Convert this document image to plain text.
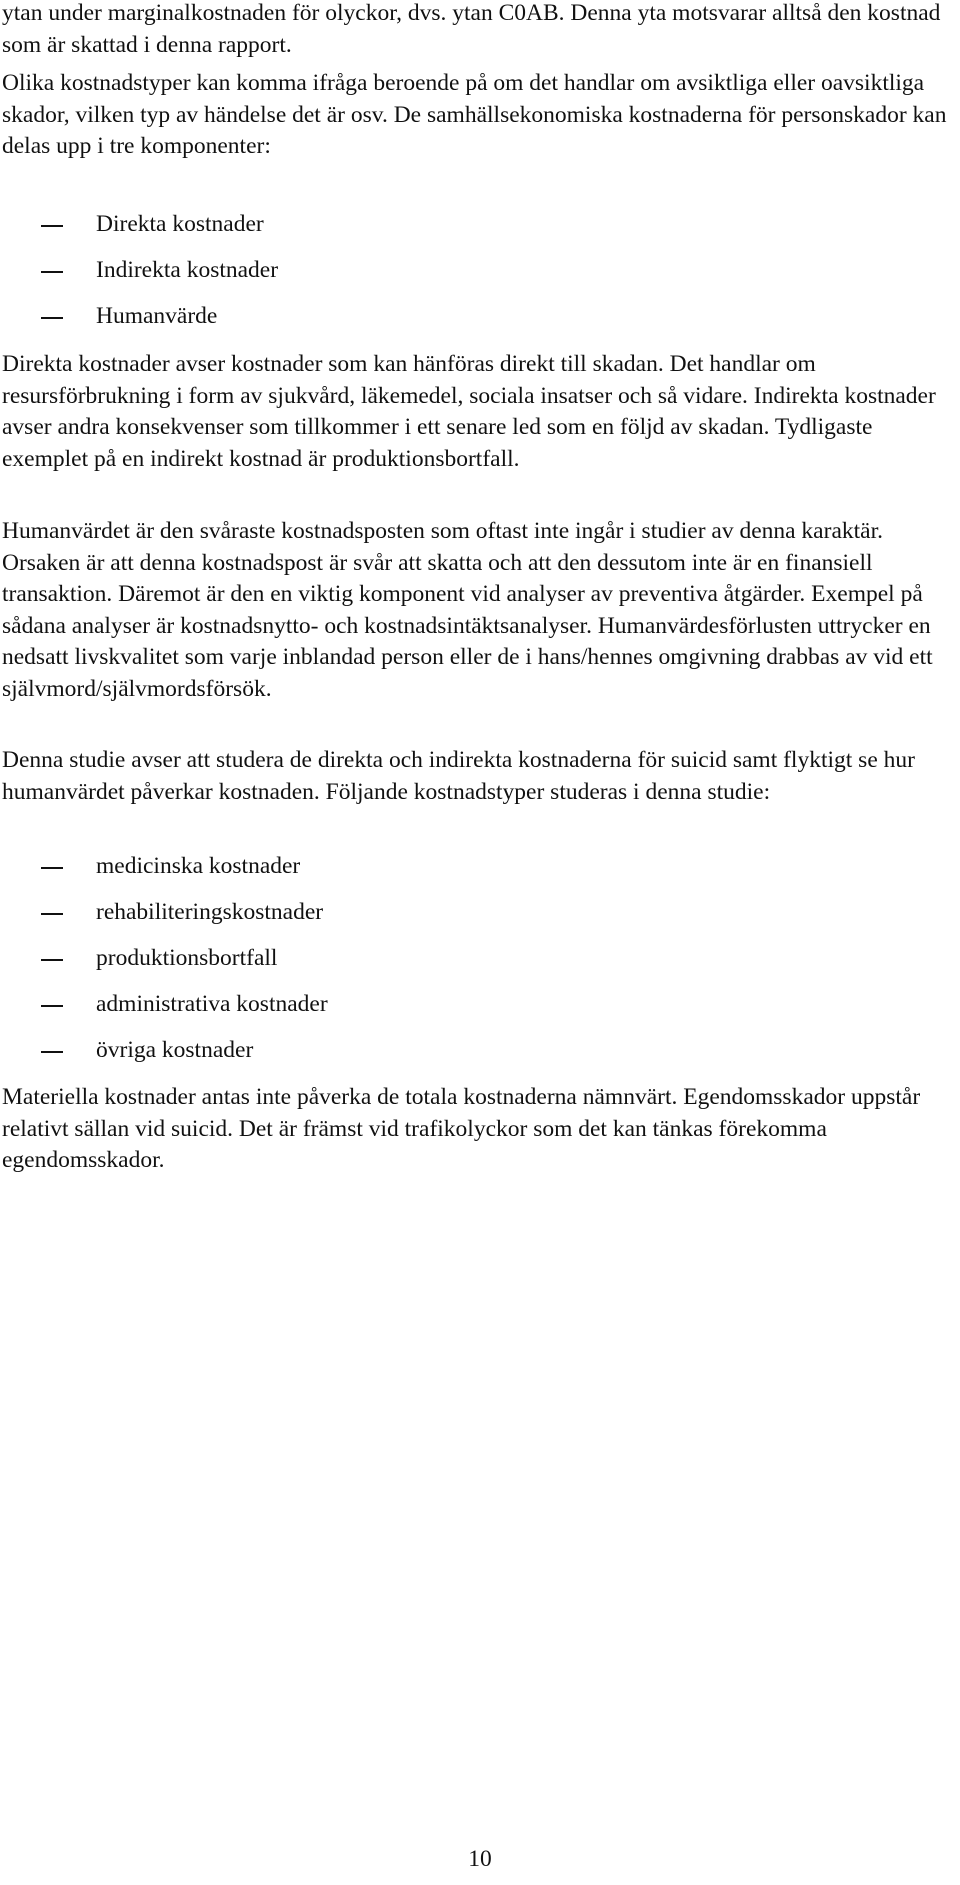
ytan under marginalkostnaden för olyckor, dvs. ytan C0AB. Denna yta motsvarar alltså den kostnad som är skattad i denna rapport.

Olika kostnadstyper kan komma ifråga beroende på om det handlar om avsiktliga eller oavsiktliga skador, vilken typ av händelse det är osv. De samhällsekonomiska kostnaderna för personskador kan delas upp i tre komponenter:

Direkta kostnader
Indirekta kostnader
Humanvärde

Direkta kostnader avser kostnader som kan hänföras direkt till skadan. Det handlar om resursförbrukning i form av sjukvård, läkemedel, sociala insatser och så vidare. Indirekta kostnader avser andra konsekvenser som tillkommer i ett senare led som en följd av skadan. Tydligaste exemplet på en indirekt kostnad är produktionsbortfall.

Humanvärdet är den svåraste kostnadsposten som oftast inte ingår i studier av denna karaktär. Orsaken är att denna kostnadspost är svår att skatta och att den dessutom inte är en finansiell transaktion. Däremot är den en viktig komponent vid analyser av preventiva åtgärder. Exempel på sådana analyser är kostnadsnytto- och kostnadsintäktsanalyser. Humanvärdesförlusten uttrycker en nedsatt livskvalitet som varje inblandad person eller de i hans/hennes omgivning drabbas av vid ett självmord/självmordsförsök.

Denna studie avser att studera de direkta och indirekta kostnaderna för suicid samt flyktigt se hur humanvärdet påverkar kostnaden. Följande kostnadstyper studeras i denna studie:

medicinska kostnader
rehabiliteringskostnader
produktionsbortfall
administrativa kostnader
övriga kostnader

Materiella kostnader antas inte påverka de totala kostnaderna nämnvärt. Egendomsskador uppstår relativt sällan vid suicid. Det är främst vid trafikolyckor som det kan tänkas förekomma egendomsskador.

10
